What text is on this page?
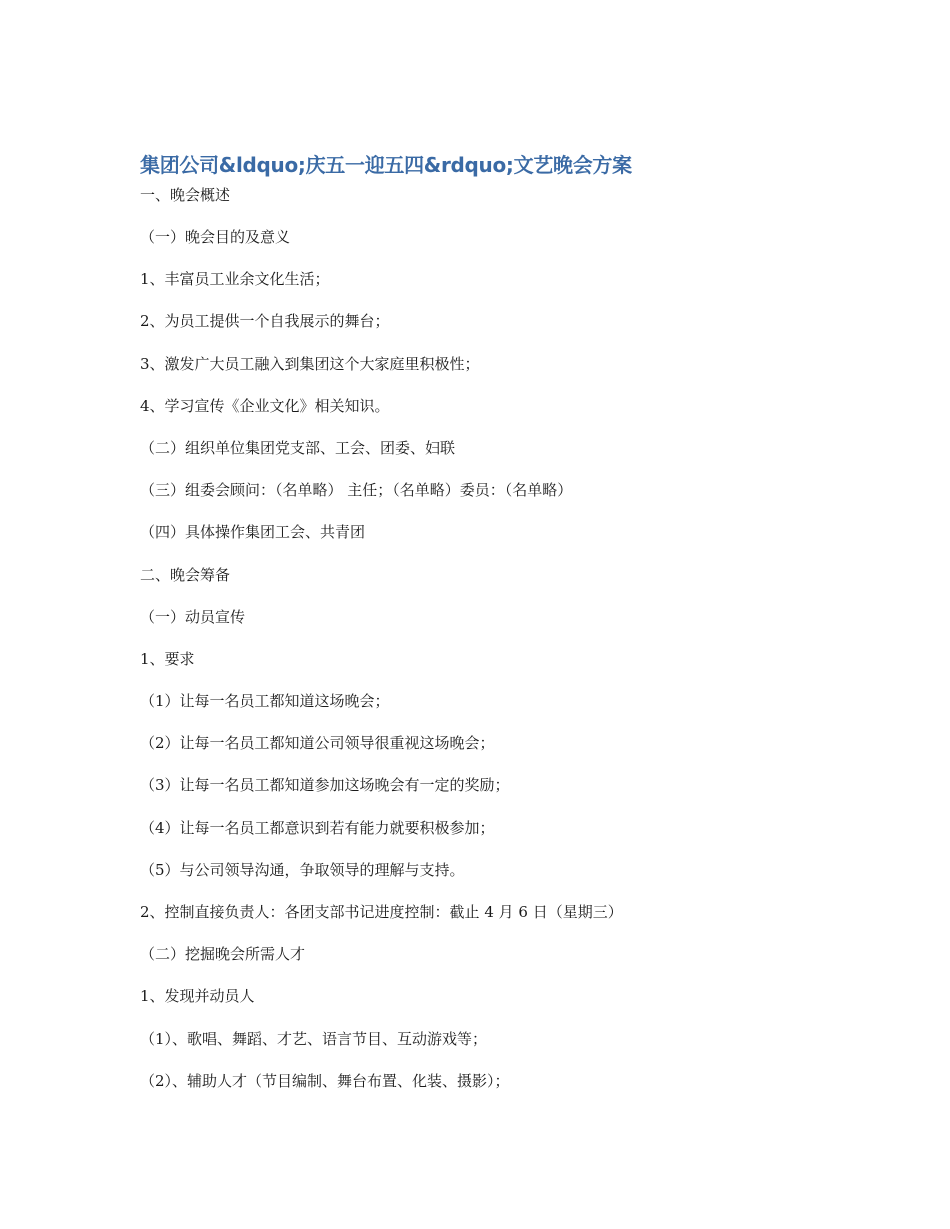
集团公司&ldquo;庆五一迎五四&rdquo;文艺晚会方案
一、晚会概述
（一）晚会目的及意义
1、丰富员工业余文化生活；
2、为员工提供一个自我展示的舞台；
3、激发广大员工融入到集团这个大家庭里积极性；
4、学习宣传《企业文化》相关知识。
（二）组织单位集团党支部、工会、团委、妇联
（三）组委会顾问：（名单略） 主任；（名单略）委员：（名单略）
（四）具体操作集团工会、共青团
二、晚会筹备
（一）动员宣传
1、要求
（1）让每一名员工都知道这场晚会；
（2）让每一名员工都知道公司领导很重视这场晚会；
（3）让每一名员工都知道参加这场晚会有一定的奖励；
（4）让每一名员工都意识到若有能力就要积极参加；
（5）与公司领导沟通，争取领导的理解与支持。
2、控制直接负责人：各团支部书记进度控制：截止 4 月 6 日（星期三）
（二）挖掘晚会所需人才
1、发现并动员人
（1）、歌唱、舞蹈、才艺、语言节目、互动游戏等；
（2）、辅助人才（节目编制、舞台布置、化装、摄影）；
